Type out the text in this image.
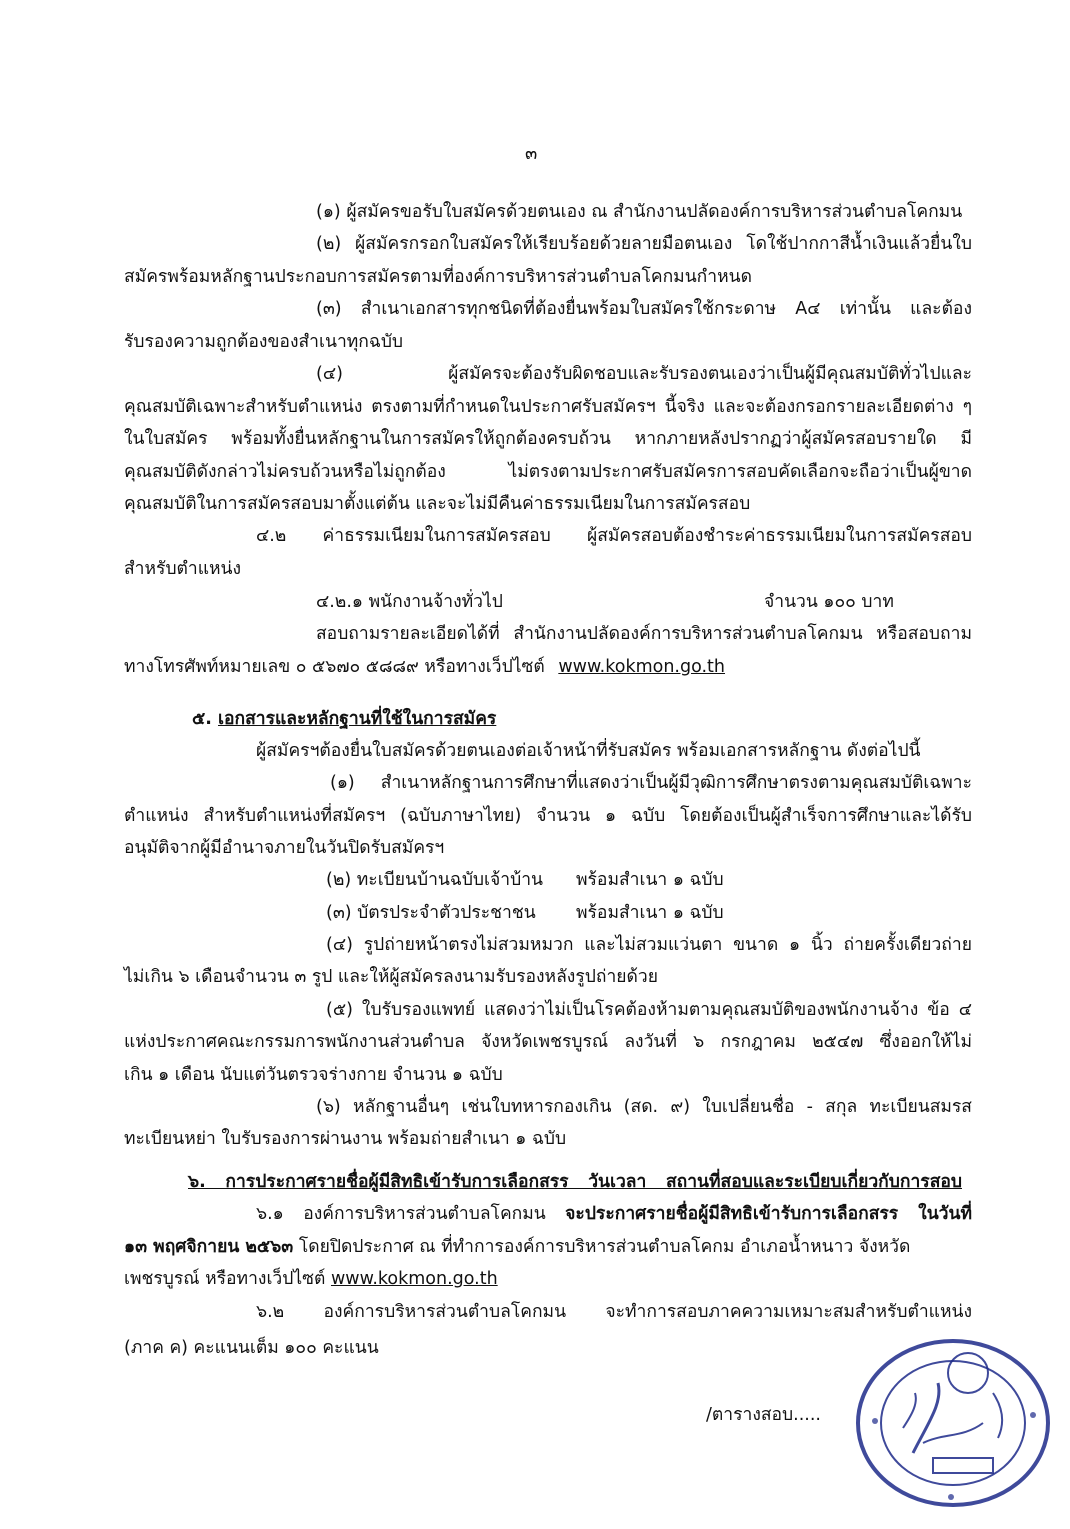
๓
(๑) ผู้สมัครขอรับใบสมัครด้วยตนเอง ณ สำนักงานปลัดองค์การบริหารส่วนตำบลโคกมน
(๒) ผู้สมัครกรอกใบสมัครให้เรียบร้อยด้วยลายมือตนเอง โดใช้ปากกาสีน้ำเงินแล้วยื่นใบ
สมัครพร้อมหลักฐานประกอบการสมัครตามที่องค์การบริหารส่วนตำบลโคกมนกำหนด
(๓) สำเนาเอกสารทุกชนิดที่ต้องยื่นพร้อมใบสมัครใช้กระดาษ A๔ เท่านั้น และต้อง
รับรองความถูกต้องของสำเนาทุกฉบับ
(๔) ผู้สมัครจะต้องรับผิดชอบและรับรองตนเองว่าเป็นผู้มีคุณสมบัติทั่วไปและ
คุณสมบัติเฉพาะสำหรับตำแหน่ง ตรงตามที่กำหนดในประกาศรับสมัครฯ นี้จริง และจะต้องกรอกรายละเอียดต่าง ๆ
ในใบสมัคร พร้อมทั้งยื่นหลักฐานในการสมัครให้ถูกต้องครบถ้วน หากภายหลังปรากฏว่าผู้สมัครสอบรายใด มี
คุณสมบัติดังกล่าวไม่ครบถ้วนหรือไม่ถูกต้อง ไม่ตรงตามประกาศรับสมัครการสอบคัดเลือกจะถือว่าเป็นผู้ขาด
คุณสมบัติในการสมัครสอบมาตั้งแต่ต้น และจะไม่มีคืนค่าธรรมเนียมในการสมัครสอบ
๔.๒ ค่าธรรมเนียมในการสมัครสอบ ผู้สมัครสอบต้องชำระค่าธรรมเนียมในการสมัครสอบ
สำหรับตำแหน่ง
๔.๒.๑ พนักงานจ้างทั่วไป	จำนวน ๑๐๐ บาท
สอบถามรายละเอียดได้ที่ สำนักงานปลัดองค์การบริหารส่วนตำบลโคกมน หรือสอบถาม
ทางโทรศัพท์หมายเลข ๐ ๕๖๗๐ ๕๘๘๙ หรือทางเว็ปไซต์ www.kokmon.go.th
๕. เอกสารและหลักฐานที่ใช้ในการสมัคร
ผู้สมัครฯต้องยื่นใบสมัครด้วยตนเองต่อเจ้าหน้าที่รับสมัคร พร้อมเอกสารหลักฐาน ดังต่อไปนี้
(๑) สำเนาหลักฐานการศึกษาที่แสดงว่าเป็นผู้มีวุฒิการศึกษาตรงตามคุณสมบัติเฉพาะ
ตำแหน่ง สำหรับตำแหน่งที่สมัครฯ (ฉบับภาษาไทย) จำนวน ๑ ฉบับ โดยต้องเป็นผู้สำเร็จการศึกษาและได้รับ
อนุมัติจากผู้มีอำนาจภายในวันปิดรับสมัครฯ
(๒) ทะเบียนบ้านฉบับเจ้าบ้าน พร้อมสำเนา ๑ ฉบับ
(๓) บัตรประจำตัวประชาชน พร้อมสำเนา ๑ ฉบับ
(๔) รูปถ่ายหน้าตรงไม่สวมหมวก และไม่สวมแว่นตา ขนาด ๑ นิ้ว ถ่ายครั้งเดียวถ่าย
ไม่เกิน ๖ เดือนจำนวน ๓ รูป และให้ผู้สมัครลงนามรับรองหลังรูปถ่ายด้วย
(๕) ใบรับรองแพทย์ แสดงว่าไม่เป็นโรคต้องห้ามตามคุณสมบัติของพนักงานจ้าง ข้อ ๔
แห่งประกาศคณะกรรมการพนักงานส่วนตำบล จังหวัดเพชรบูรณ์ ลงวันที่ ๖ กรกฎาคม ๒๕๔๗ ซึ่งออกให้ไม่
เกิน ๑ เดือน นับแต่วันตรวจร่างกาย จำนวน ๑ ฉบับ
(๖) หลักฐานอื่นๆ เช่นใบทหารกองเกิน (สด. ๙) ใบเปลี่ยนชื่อ - สกุล ทะเบียนสมรส
ทะเบียนหย่า ใบรับรองการผ่านงาน พร้อมถ่ายสำเนา ๑ ฉบับ
๖. การประกาศรายชื่อผู้มีสิทธิเข้ารับการเลือกสรร วันเวลา สถานที่สอบและระเบียบเกี่ยวกับการสอบ
๖.๑ องค์การบริหารส่วนตำบลโคกมน จะประกาศรายชื่อผู้มีสิทธิเข้ารับการเลือกสรร ในวันที่
๑๓ พฤศจิกายน ๒๕๖๓ โดยปิดประกาศ ณ ที่ทำการองค์การบริหารส่วนตำบลโคกม อำเภอน้ำหนาว จังหวัด
เพชรบูรณ์ หรือทางเว็ปไซต์ www.kokmon.go.th
๖.๒ องค์การบริหารส่วนตำบลโคกมน จะทำการสอบภาคความเหมาะสมสำหรับตำแหน่ง
(ภาค ค) คะแนนเต็ม ๑๐๐ คะแนน
/ตารางสอบ.....
